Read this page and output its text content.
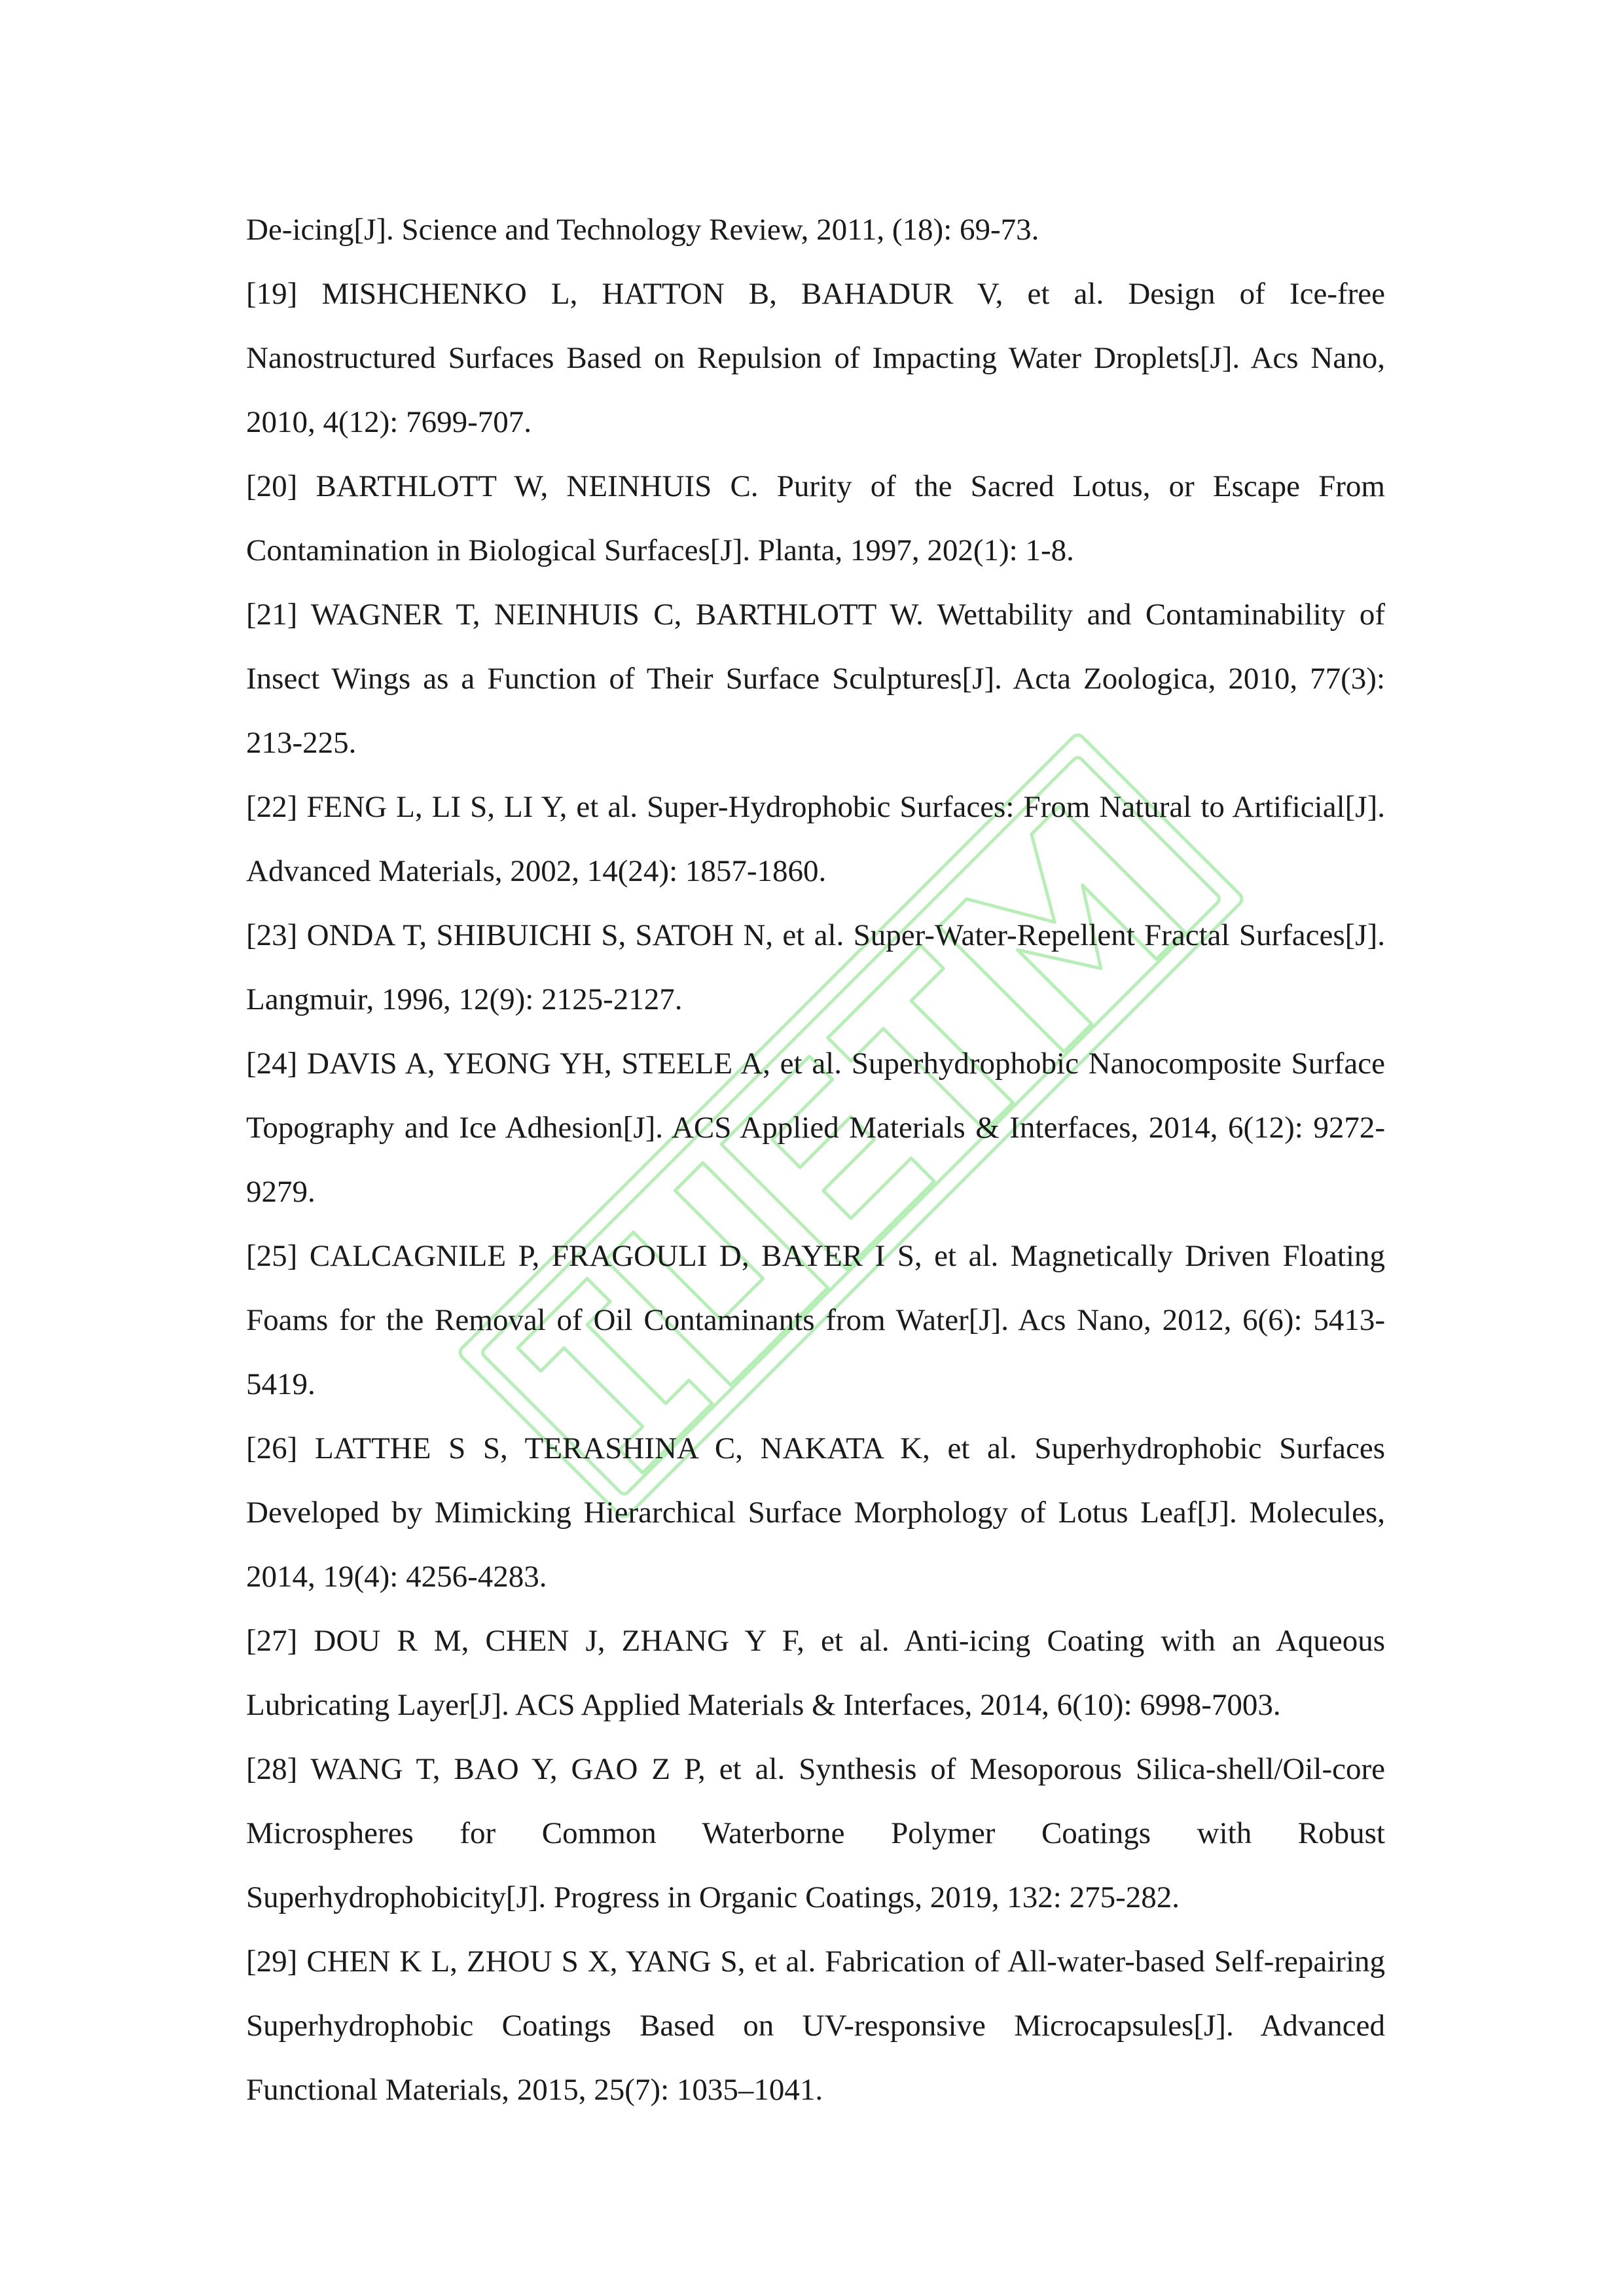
De-icing[J]. Science and Technology Review, 2011, (18): 69-73.

[19] MISHCHENKO L, HATTON B, BAHADUR V, et al. Design of Ice-free Nanostructured Surfaces Based on Repulsion of Impacting Water Droplets[J]. Acs Nano, 2010, 4(12): 7699-707.

[20] BARTHLOTT W, NEINHUIS C. Purity of the Sacred Lotus, or Escape From Contamination in Biological Surfaces[J]. Planta, 1997, 202(1): 1-8.

[21] WAGNER T, NEINHUIS C, BARTHLOTT W. Wettability and Contaminability of Insect Wings as a Function of Their Surface Sculptures[J]. Acta Zoologica, 2010, 77(3): 213-225.

[22] FENG L, LI S, LI Y, et al. Super-Hydrophobic Surfaces: From Natural to Artificial[J]. Advanced Materials, 2002, 14(24): 1857-1860.

[23] ONDA T, SHIBUICHI S, SATOH N, et al. Super-Water-Repellent Fractal Surfaces[J]. Langmuir, 1996, 12(9): 2125-2127.

[24] DAVIS A, YEONG YH, STEELE A, et al. Superhydrophobic Nanocomposite Surface Topography and Ice Adhesion[J]. ACS Applied Materials & Interfaces, 2014, 6(12): 9272-9279.

[25] CALCAGNILE P, FRAGOULI D, BAYER I S, et al. Magnetically Driven Floating Foams for the Removal of Oil Contaminants from Water[J]. Acs Nano, 2012, 6(6): 5413-5419.

[26] LATTHE S S, TERASHINA C, NAKATA K, et al. Superhydrophobic Surfaces Developed by Mimicking Hierarchical Surface Morphology of Lotus Leaf[J]. Molecules, 2014, 19(4): 4256-4283.

[27] DOU R M, CHEN J, ZHANG Y F, et al. Anti-icing Coating with an Aqueous Lubricating Layer[J]. ACS Applied Materials & Interfaces, 2014, 6(10): 6998-7003.

[28] WANG T, BAO Y, GAO Z P, et al. Synthesis of Mesoporous Silica-shell/Oil-core Microspheres for Common Waterborne Polymer Coatings with Robust Superhydrophobicity[J]. Progress in Organic Coatings, 2019, 132: 275-282.

[29] CHEN K L, ZHOU S X, YANG S, et al. Fabrication of All-water-based Self-repairing Superhydrophobic Coatings Based on UV-responsive Microcapsules[J]. Advanced Functional Materials, 2015, 25(7): 1035–1041.
